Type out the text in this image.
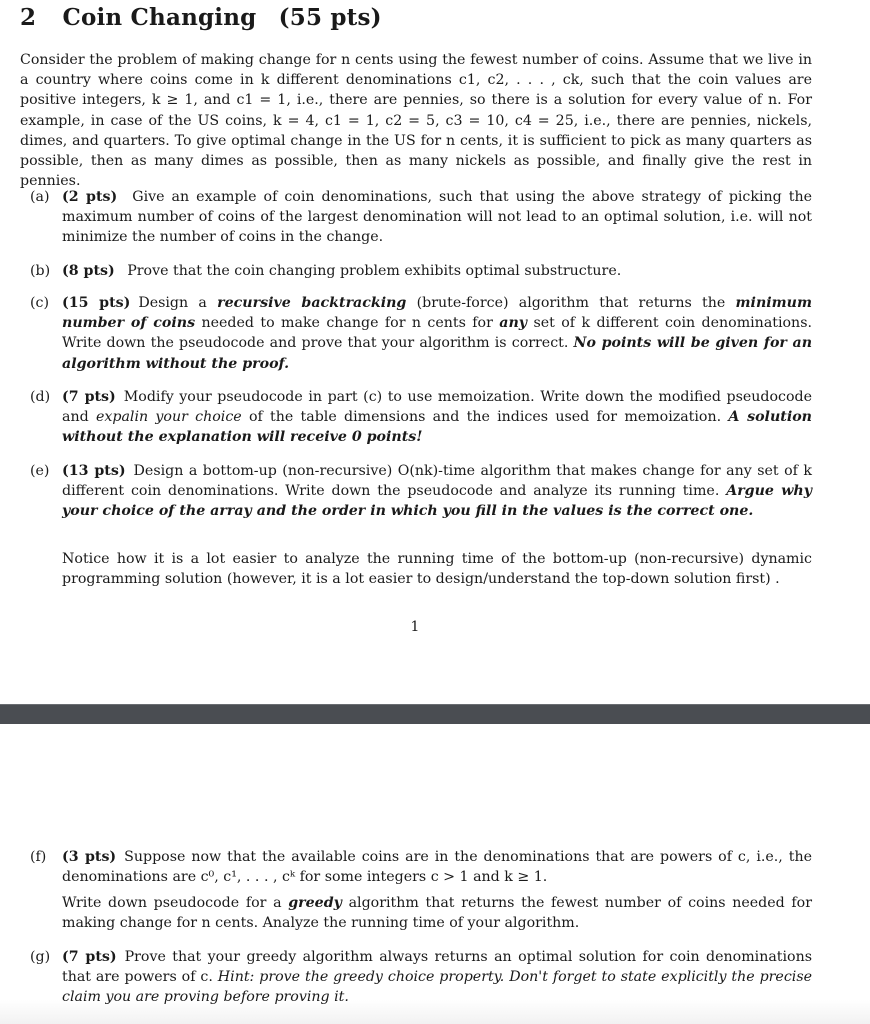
2 Coin Changing (55 pts)
Consider the problem of making change for n cents using the fewest number of coins. Assume that we live in a country where coins come in k different denominations c1, c2, . . . , ck, such that the coin values are positive integers, k ≥ 1, and c1 = 1, i.e., there are pennies, so there is a solution for every value of n. For example, in case of the US coins, k = 4, c1 = 1, c2 = 5, c3 = 10, c4 = 25, i.e., there are pennies, nickels, dimes, and quarters. To give optimal change in the US for n cents, it is sufficient to pick as many quarters as possible, then as many dimes as possible, then as many nickels as possible, and finally give the rest in pennies.
(a) (2 pts) Give an example of coin denominations, such that using the above strategy of picking the maximum number of coins of the largest denomination will not lead to an optimal solution, i.e. will not minimize the number of coins in the change.
(b) (8 pts) Prove that the coin changing problem exhibits optimal substructure.
(c) (15 pts) Design a recursive backtracking (brute-force) algorithm that returns the minimum number of coins needed to make change for n cents for any set of k different coin denominations. Write down the pseudocode and prove that your algorithm is correct. No points will be given for an algorithm without the proof.
(d) (7 pts) Modify your pseudocode in part (c) to use memoization. Write down the modified pseudocode and expalin your choice of the table dimensions and the indices used for memoization. A solution without the explanation will receive 0 points!
(e) (13 pts) Design a bottom-up (non-recursive) O(nk)-time algorithm that makes change for any set of k different coin denominations. Write down the pseudocode and analyze its running time. Argue why your choice of the array and the order in which you fill in the values is the correct one.
Notice how it is a lot easier to analyze the running time of the bottom-up (non-recursive) dynamic programming solution (however, it is a lot easier to design/understand the top-down solution first) .
1
(f) (3 pts) Suppose now that the available coins are in the denominations that are powers of c, i.e., the denominations are c⁰, c¹, . . . , cᵏ for some integers c > 1 and k ≥ 1.
Write down pseudocode for a greedy algorithm that returns the fewest number of coins needed for making change for n cents. Analyze the running time of your algorithm.
(g) (7 pts) Prove that your greedy algorithm always returns an optimal solution for coin denominations that are powers of c. Hint: prove the greedy choice property. Don't forget to state explicitly the precise claim you are proving before proving it.
